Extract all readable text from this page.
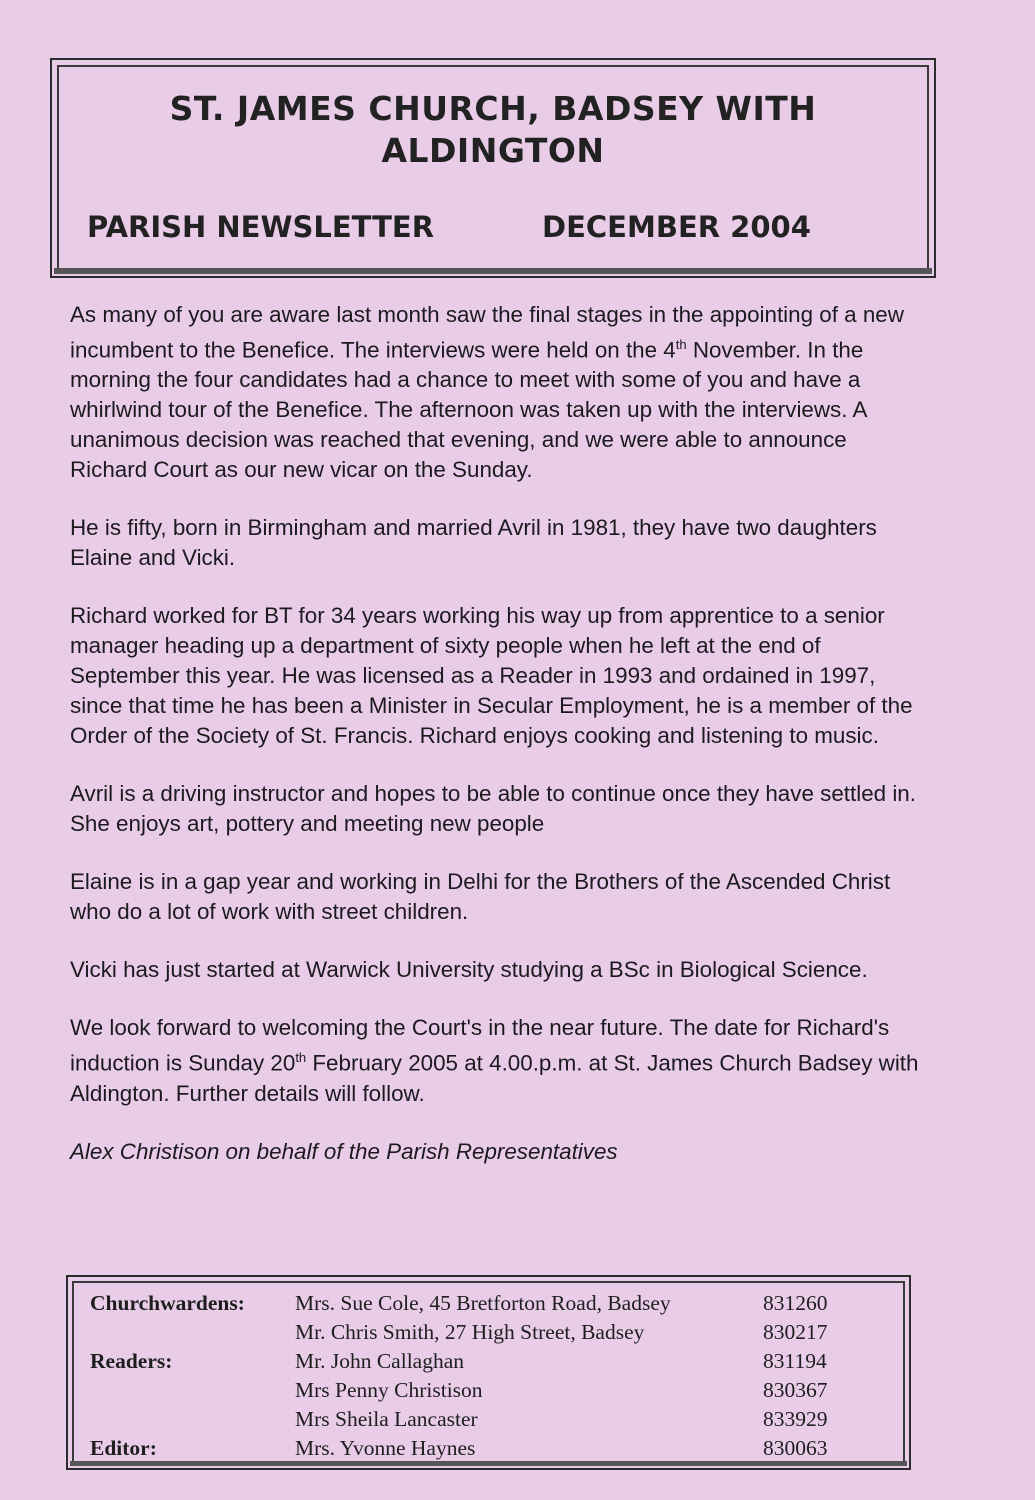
ST. JAMES CHURCH, BADSEY WITH
ALDINGTON
PARISH NEWSLETTER	DECEMBER 2004

As many of you are aware last month saw the final stages in the appointing of a new incumbent to the Benefice. The interviews were held on the 4th November. In the morning the four candidates had a chance to meet with some of you and have a whirlwind tour of the Benefice. The afternoon was taken up with the interviews. A unanimous decision was reached that evening, and we were able to announce Richard Court as our new vicar on the Sunday.

He is fifty, born in Birmingham and married Avril in 1981, they have two daughters Elaine and Vicki.

Richard worked for BT for 34 years working his way up from apprentice to a senior manager heading up a department of sixty people when he left at the end of September this year. He was licensed as a Reader in 1993 and ordained in 1997, since that time he has been a Minister in Secular Employment, he is a member of the Order of the Society of St. Francis. Richard enjoys cooking and listening to music.

Avril is a driving instructor and hopes to be able to continue once they have settled in. She enjoys art, pottery and meeting new people

Elaine is in a gap year and working in Delhi for the Brothers of the Ascended Christ who do a lot of work with street children.

Vicki has just started at Warwick University studying a BSc in Biological Science.

We look forward to welcoming the Court's in the near future. The date for Richard's induction is Sunday 20th February 2005 at 4.00.p.m. at St. James Church Badsey with Aldington. Further details will follow.

Alex Christison on behalf of the Parish Representatives

Churchwardens:	Mrs. Sue Cole, 45 Bretforton Road, Badsey	831260
	Mr. Chris Smith, 27 High Street, Badsey	830217
Readers:	Mr. John Callaghan	831194
	Mrs Penny Christison	830367
	Mrs Sheila Lancaster	833929
Editor:	Mrs. Yvonne Haynes	830063
